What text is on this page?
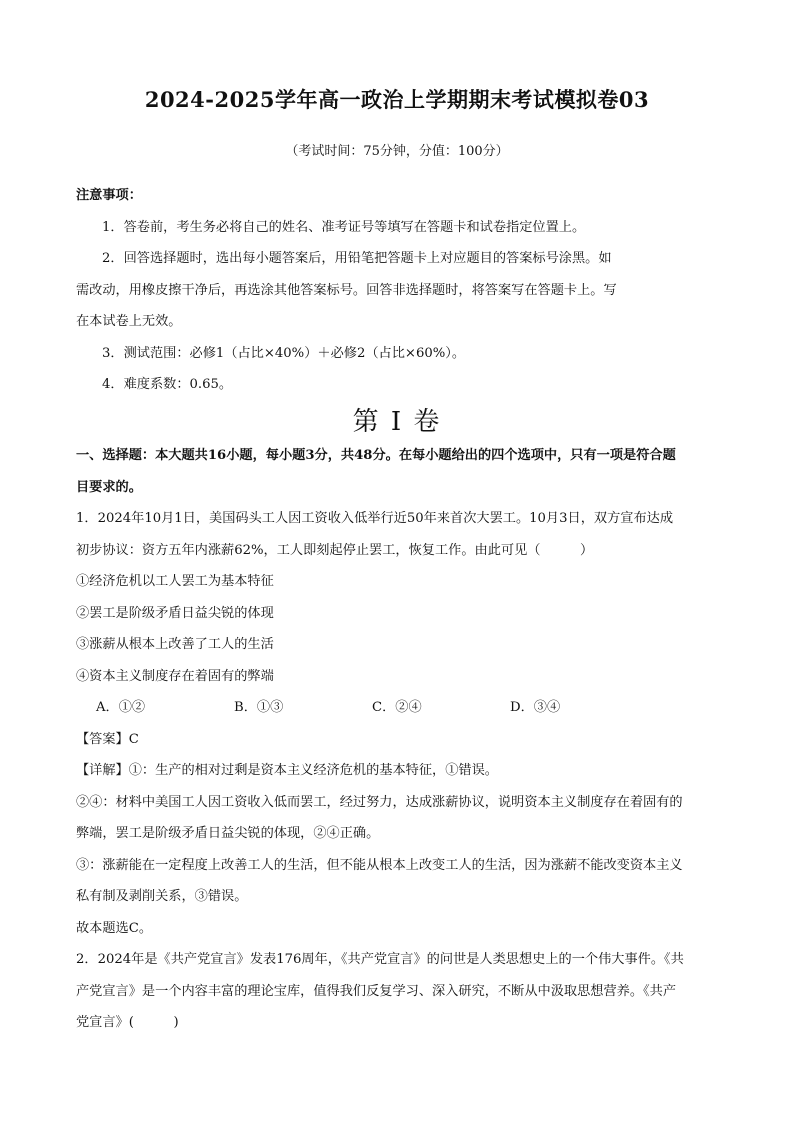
2024-2025学年高一政治上学期期末考试模拟卷03
（考试时间：75分钟，分值：100分）
注意事项：
1．答卷前，考生务必将自己的姓名、准考证号等填写在答题卡和试卷指定位置上。
2．回答选择题时，选出每小题答案后，用铅笔把答题卡上对应题目的答案标号涂黑。如
需改动，用橡皮擦干净后，再选涂其他答案标号。回答非选择题时，将答案写在答题卡上。写
在本试卷上无效。
3．测试范围：必修1（占比×40%）＋必修2（占比×60%）。
4．难度系数：0.65。
第 I 卷
一、选择题：本大题共16小题，每小题3分，共48分。在每小题给出的四个选项中，只有一项是符合题
目要求的。
1．2024年10月1日，美国码头工人因工资收入低举行近50年来首次大罢工。10月3日，双方宣布达成
初步协议：资方五年内涨薪62%，工人即刻起停止罢工，恢复工作。由此可见（　　　）
①经济危机以工人罢工为基本特征
②罢工是阶级矛盾日益尖锐的体现
③涨薪从根本上改善了工人的生活
④资本主义制度存在着固有的弊端
A．①②	B．①③	C．②④	D．③④
【答案】C
【详解】①：生产的相对过剩是资本主义经济危机的基本特征，①错误。
②④：材料中美国工人因工资收入低而罢工，经过努力，达成涨薪协议，说明资本主义制度存在着固有的
弊端，罢工是阶级矛盾日益尖锐的体现，②④正确。
③：涨薪能在一定程度上改善工人的生活，但不能从根本上改变工人的生活，因为涨薪不能改变资本主义
私有制及剥削关系，③错误。
故本题选C。
2．2024年是《共产党宣言》发表176周年，《共产党宣言》的问世是人类思想史上的一个伟大事件。《共
产党宣言》是一个内容丰富的理论宝库，值得我们反复学习、深入研究，不断从中汲取思想营养。《共产
党宣言》(　　　)
